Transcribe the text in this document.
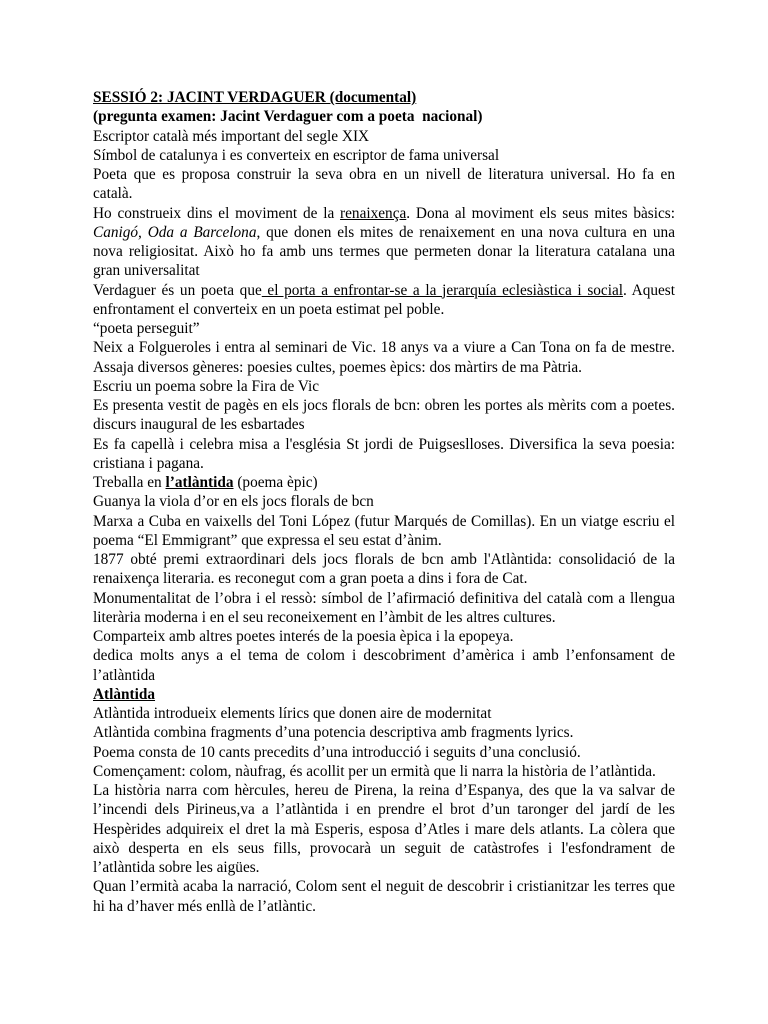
SESSIÓ 2: JACINT VERDAGUER (documental)
(pregunta examen: Jacint Verdaguer com a poeta  nacional)
Escriptor català més important del segle XIX
Símbol de catalunya i es converteix en escriptor de fama universal
Poeta que es proposa construir la seva obra en un nivell de literatura universal. Ho fa en
català.
Ho construeix dins el moviment de la renaixença. Dona al moviment els seus mites bàsics:
Canigó, Oda a Barcelona, que donen els mites de renaixement en una nova cultura en una
nova religiositat. Això ho fa amb uns termes que permeten donar la literatura catalana una
gran universalitat
Verdaguer és un poeta que el porta a enfrontar-se a la jerarquía eclesiàstica i social. Aquest
enfrontament el converteix en un poeta estimat pel poble.
“poeta perseguit”
Neix a Folgueroles i entra al seminari de Vic. 18 anys va a viure a Can Tona on fa de mestre.
Assaja diversos gèneres: poesies cultes, poemes èpics: dos màrtirs de ma Pàtria.
Escriu un poema sobre la Fira de Vic
Es presenta vestit de pagès en els jocs florals de bcn: obren les portes als mèrits com a poetes.
discurs inaugural de les esbartades
Es fa capellà i celebra misa a l'església St jordi de Puigseslloses. Diversifica la seva poesia:
cristiana i pagana.
Treballa en l’atlàntida (poema èpic)
Guanya la viola d’or en els jocs florals de bcn
Marxa a Cuba en vaixells del Toni López (futur Marqués de Comillas). En un viatge escriu el
poema “El Emmigrant” que expressa el seu estat d’ànim.
1877 obté premi extraordinari dels jocs florals de bcn amb l'Atlàntida: consolidació de la
renaixença literaria. es reconegut com a gran poeta a dins i fora de Cat.
Monumentalitat de l’obra i el ressò: símbol de l’afirmació definitiva del català com a llengua
literària moderna i en el seu reconeixement en l’àmbit de les altres cultures.
Comparteix amb altres poetes interés de la poesia èpica i la epopeya.
dedica molts anys a el tema de colom i descobriment d’amèrica i amb l’enfonsament de
l’atlàntida
Atlàntida
Atlàntida introdueix elements lírics que donen aire de modernitat
Atlàntida combina fragments d’una potencia descriptiva amb fragments lyrics.
Poema consta de 10 cants precedits d’una introducció i seguits d’una conclusió.
Començament: colom, nàufrag, és acollit per un ermità que li narra la història de l’atlàntida.
La història narra com hèrcules, hereu de Pirena, la reina d’Espanya, des que la va salvar de
l’incendi dels Pirineus,va a l’atlàntida i en prendre el brot d’un taronger del jardí de les
Hespèrides adquireix el dret la mà Esperis, esposa d’Atles i mare dels atlants. La còlera que
això desperta en els seus fills, provocarà un seguit de catàstrofes i l'esfondrament de
l’atlàntida sobre les aigües.
Quan l’ermità acaba la narració, Colom sent el neguit de descobrir i cristianitzar les terres que
hi ha d’haver més enllà de l’atlàntic.
